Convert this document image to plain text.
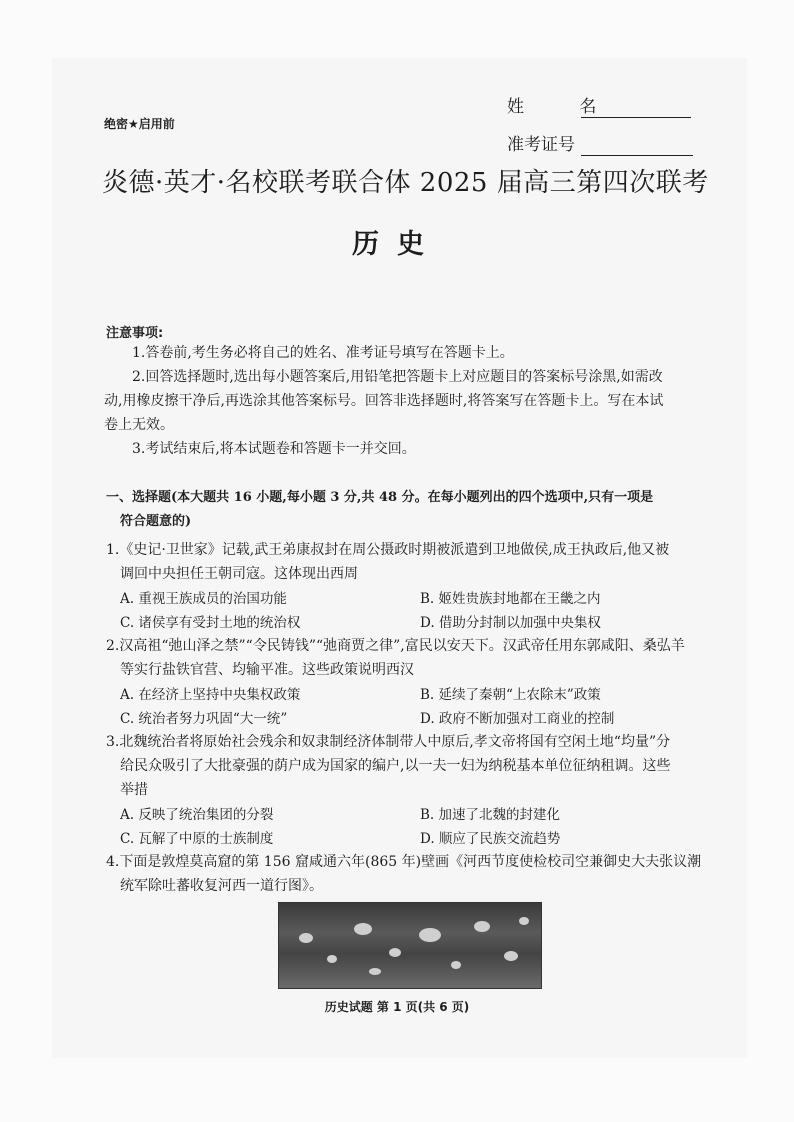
绝密★启用前
姓 名
准考证号
炎德·英才·名校联考联合体 2025 届高三第四次联考
历史
注意事项:
1.答卷前,考生务必将自己的姓名、准考证号填写在答题卡上。
2.回答选择题时,选出每小题答案后,用铅笔把答题卡上对应题目的答案标号涂黑,如需改
动,用橡皮擦干净后,再选涂其他答案标号。回答非选择题时,将答案写在答题卡上。写在本试
卷上无效。
3.考试结束后,将本试题卷和答题卡一并交回。
一、选择题(本大题共 16 小题,每小题 3 分,共 48 分。在每小题列出的四个选项中,只有一项是
符合题意的)
1.《史记·卫世家》记载,武王弟康叔封在周公摄政时期被派遣到卫地做侯,成王执政后,他又被
调回中央担任王朝司寇。这体现出西周
A. 重视王族成员的治国功能	B. 姬姓贵族封地都在王畿之内
C. 诸侯享有受封土地的统治权	D. 借助分封制以加强中央集权
2.汉高祖“弛山泽之禁”“令民铸钱”“弛商贾之律”,富民以安天下。汉武帝任用东郭咸阳、桑弘羊
等实行盐铁官营、均输平准。这些政策说明西汉
A. 在经济上坚持中央集权政策	B. 延续了秦朝“上农除末”政策
C. 统治者努力巩固“大一统”	D. 政府不断加强对工商业的控制
3.北魏统治者将原始社会残余和奴隶制经济体制带人中原后,孝文帝将国有空闲土地“均量”分
给民众吸引了大批豪强的荫户成为国家的编户,以一夫一妇为纳税基本单位征纳租调。这些
举措
A. 反映了统治集团的分裂	B. 加速了北魏的封建化
C. 瓦解了中原的士族制度	D. 顺应了民族交流趋势
4.下面是敦煌莫高窟的第 156 窟咸通六年(865 年)壁画《河西节度使检校司空兼御史大夫张议潮
统军除吐蕃收复河西一道行图》。
历史试题 第 1 页(共 6 页)
